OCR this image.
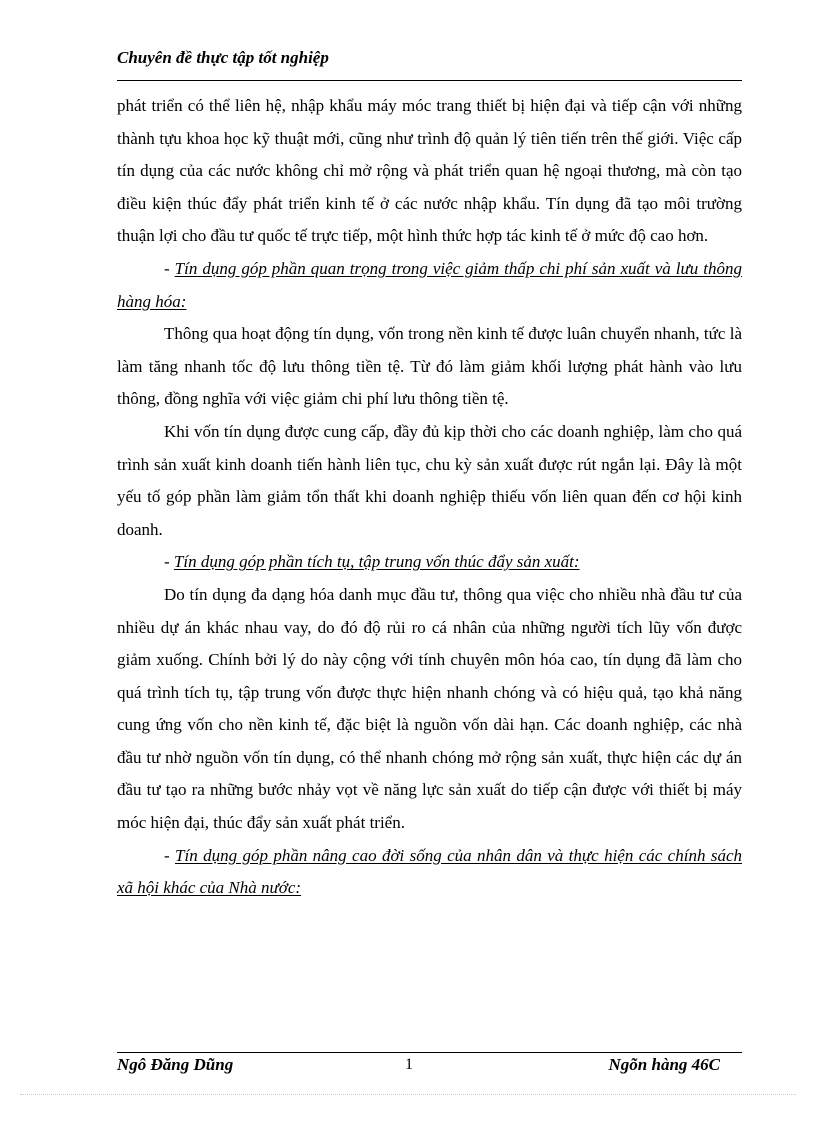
Chuyên đề thực tập tốt nghiệp

phát triển có thể liên hệ, nhập khẩu máy móc trang thiết bị hiện đại và tiếp cận với những thành tựu khoa học kỹ thuật mới, cũng như trình độ quản lý tiên tiến trên thế giới. Việc cấp tín dụng của các nước không chỉ mở rộng và phát triển quan hệ ngoại thương, mà còn tạo điều kiện thúc đẩy phát triển kinh tế ở các nước nhập khẩu. Tín dụng đã tạo môi trường thuận lợi cho đầu tư quốc tế trực tiếp, một hình thức hợp tác kinh tế ở mức độ cao hơn.

- Tín dụng góp phần quan trọng trong việc giảm thấp chi phí sản xuất và lưu thông hàng hóa:

Thông qua hoạt động tín dụng, vốn trong nền kinh tế được luân chuyển nhanh, tức là làm tăng nhanh tốc độ lưu thông tiền tệ. Từ đó làm giảm khối lượng phát hành vào lưu thông, đồng nghĩa với việc giảm chi phí lưu thông tiền tệ.

Khi vốn tín dụng được cung cấp, đầy đủ kịp thời cho các doanh nghiệp, làm cho quá trình sản xuất kinh doanh tiến hành liên tục, chu kỳ sản xuất được rút ngắn lại. Đây là một yếu tố góp phần làm giảm tổn thất khi doanh nghiệp thiếu vốn liên quan đến cơ hội kinh doanh.

- Tín dụng góp phần tích tụ, tập trung vốn thúc đẩy sản xuất:

Do tín dụng đa dạng hóa danh mục đầu tư, thông qua việc cho nhiều nhà đầu tư của nhiều dự án khác nhau vay, do đó độ rủi ro cá nhân của những người tích lũy vốn được giảm xuống. Chính bởi lý do này cộng với tính chuyên môn hóa cao, tín dụng đã làm cho quá trình tích tụ, tập trung vốn được thực hiện nhanh chóng và có hiệu quả, tạo khả năng cung ứng vốn cho nền kinh tế, đặc biệt là nguồn vốn dài hạn. Các doanh nghiệp, các nhà đầu tư nhờ nguồn vốn tín dụng, có thể nhanh chóng mở rộng sản xuất, thực hiện các dự án đầu tư tạo ra những bước nhảy vọt về năng lực sản xuất do tiếp cận được với thiết bị máy móc hiện đại, thúc đẩy sản xuất phát triển.

- Tín dụng góp phần nâng cao đời sống của nhân dân và thực hiện các chính sách xã hội khác của Nhà nước:

Ngô Đăng Dũng	1	Ngõn hàng 46C
